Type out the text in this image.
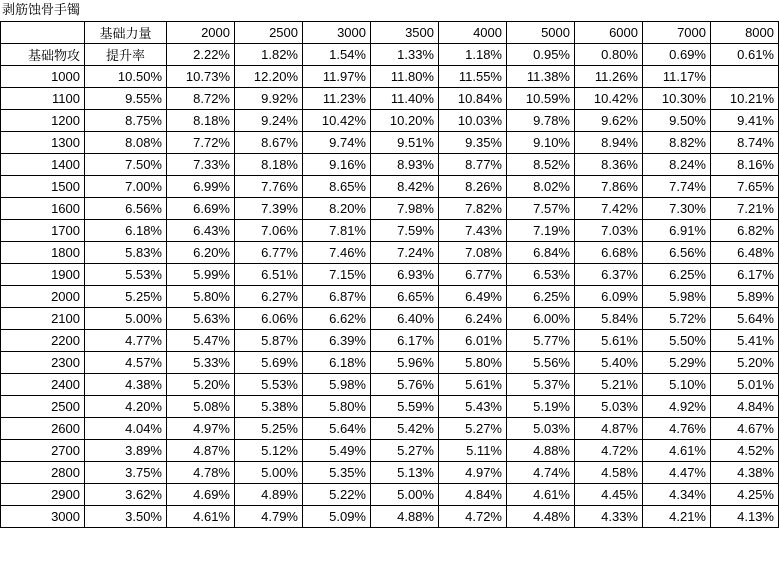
剥筋蚀骨手镯
	基础力量	2000	2500	3000	3500	4000	5000	6000	7000	8000
基础物攻	提升率	2.22%	1.82%	1.54%	1.33%	1.18%	0.95%	0.80%	0.69%	0.61%
1000	10.50%	10.73%	12.20%	11.97%	11.80%	11.55%	11.38%	11.26%	11.17%	
1100	9.55%	8.72%	9.92%	11.23%	11.40%	10.84%	10.59%	10.42%	10.30%	10.21%
1200	8.75%	8.18%	9.24%	10.42%	10.20%	10.03%	9.78%	9.62%	9.50%	9.41%
1300	8.08%	7.72%	8.67%	9.74%	9.51%	9.35%	9.10%	8.94%	8.82%	8.74%
1400	7.50%	7.33%	8.18%	9.16%	8.93%	8.77%	8.52%	8.36%	8.24%	8.16%
1500	7.00%	6.99%	7.76%	8.65%	8.42%	8.26%	8.02%	7.86%	7.74%	7.65%
1600	6.56%	6.69%	7.39%	8.20%	7.98%	7.82%	7.57%	7.42%	7.30%	7.21%
1700	6.18%	6.43%	7.06%	7.81%	7.59%	7.43%	7.19%	7.03%	6.91%	6.82%
1800	5.83%	6.20%	6.77%	7.46%	7.24%	7.08%	6.84%	6.68%	6.56%	6.48%
1900	5.53%	5.99%	6.51%	7.15%	6.93%	6.77%	6.53%	6.37%	6.25%	6.17%
2000	5.25%	5.80%	6.27%	6.87%	6.65%	6.49%	6.25%	6.09%	5.98%	5.89%
2100	5.00%	5.63%	6.06%	6.62%	6.40%	6.24%	6.00%	5.84%	5.72%	5.64%
2200	4.77%	5.47%	5.87%	6.39%	6.17%	6.01%	5.77%	5.61%	5.50%	5.41%
2300	4.57%	5.33%	5.69%	6.18%	5.96%	5.80%	5.56%	5.40%	5.29%	5.20%
2400	4.38%	5.20%	5.53%	5.98%	5.76%	5.61%	5.37%	5.21%	5.10%	5.01%
2500	4.20%	5.08%	5.38%	5.80%	5.59%	5.43%	5.19%	5.03%	4.92%	4.84%
2600	4.04%	4.97%	5.25%	5.64%	5.42%	5.27%	5.03%	4.87%	4.76%	4.67%
2700	3.89%	4.87%	5.12%	5.49%	5.27%	5.11%	4.88%	4.72%	4.61%	4.52%
2800	3.75%	4.78%	5.00%	5.35%	5.13%	4.97%	4.74%	4.58%	4.47%	4.38%
2900	3.62%	4.69%	4.89%	5.22%	5.00%	4.84%	4.61%	4.45%	4.34%	4.25%
3000	3.50%	4.61%	4.79%	5.09%	4.88%	4.72%	4.48%	4.33%	4.21%	4.13%
